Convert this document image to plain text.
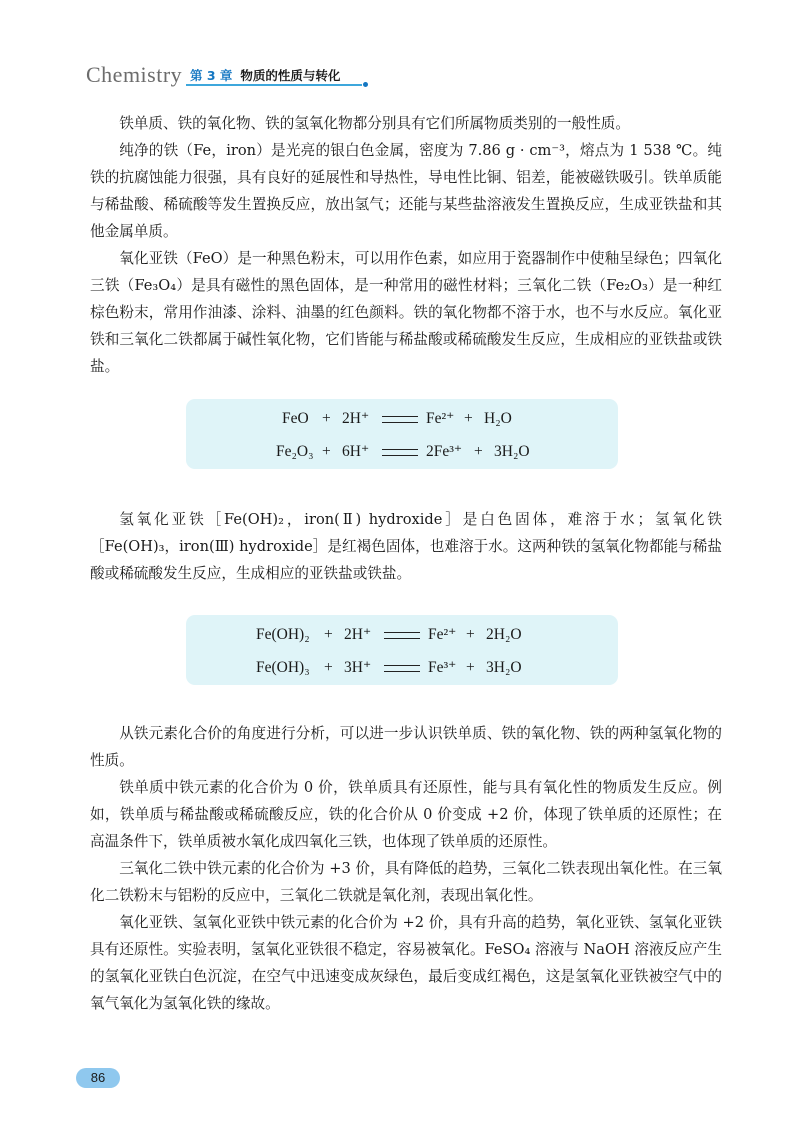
Chemistry 第 3 章 物质的性质与转化

铁单质、铁的氧化物、铁的氢氧化物都分别具有它们所属物质类别的一般性质。

纯净的铁（Fe，iron）是光亮的银白色金属，密度为 7.86 g · cm⁻³，熔点为 1 538 ℃。纯铁的抗腐蚀能力很强，具有良好的延展性和导热性，导电性比铜、铝差，能被磁铁吸引。铁单质能与稀盐酸、稀硫酸等发生置换反应，放出氢气；还能与某些盐溶液发生置换反应，生成亚铁盐和其他金属单质。

氧化亚铁（FeO）是一种黑色粉末，可以用作色素，如应用于瓷器制作中使釉呈绿色；四氧化三铁（Fe₃O₄）是具有磁性的黑色固体，是一种常用的磁性材料；三氧化二铁（Fe₂O₃）是一种红棕色粉末，常用作油漆、涂料、油墨的红色颜料。铁的氧化物都不溶于水，也不与水反应。氧化亚铁和三氧化二铁都属于碱性氧化物，它们皆能与稀盐酸或稀硫酸发生反应，生成相应的亚铁盐或铁盐。

FeO + 2H⁺	Fe²⁺ + H₂O
Fe₂O₃ + 6H⁺	2Fe³⁺ + 3H₂O

氢氧化亚铁［Fe(OH)₂，iron(Ⅱ) hydroxide］是白色固体，难溶于水；氢氧化铁［Fe(OH)₃，iron(Ⅲ) hydroxide］是红褐色固体，也难溶于水。这两种铁的氢氧化物都能与稀盐酸或稀硫酸发生反应，生成相应的亚铁盐或铁盐。

Fe(OH)₂ + 2H⁺	Fe²⁺ + 2H₂O
Fe(OH)₃ + 3H⁺	Fe³⁺ + 3H₂O

从铁元素化合价的角度进行分析，可以进一步认识铁单质、铁的氧化物、铁的两种氢氧化物的性质。

铁单质中铁元素的化合价为 0 价，铁单质具有还原性，能与具有氧化性的物质发生反应。例如，铁单质与稀盐酸或稀硫酸反应，铁的化合价从 0 价变成 +2 价，体现了铁单质的还原性；在高温条件下，铁单质被水氧化成四氧化三铁，也体现了铁单质的还原性。

三氧化二铁中铁元素的化合价为 +3 价，具有降低的趋势，三氧化二铁表现出氧化性。在三氧化二铁粉末与铝粉的反应中，三氧化二铁就是氧化剂，表现出氧化性。

氧化亚铁、氢氧化亚铁中铁元素的化合价为 +2 价，具有升高的趋势，氧化亚铁、氢氧化亚铁具有还原性。实验表明，氢氧化亚铁很不稳定，容易被氧化。FeSO₄ 溶液与 NaOH 溶液反应产生的氢氧化亚铁白色沉淀，在空气中迅速变成灰绿色，最后变成红褐色，这是氢氧化亚铁被空气中的氧气氧化为氢氧化铁的缘故。

86
